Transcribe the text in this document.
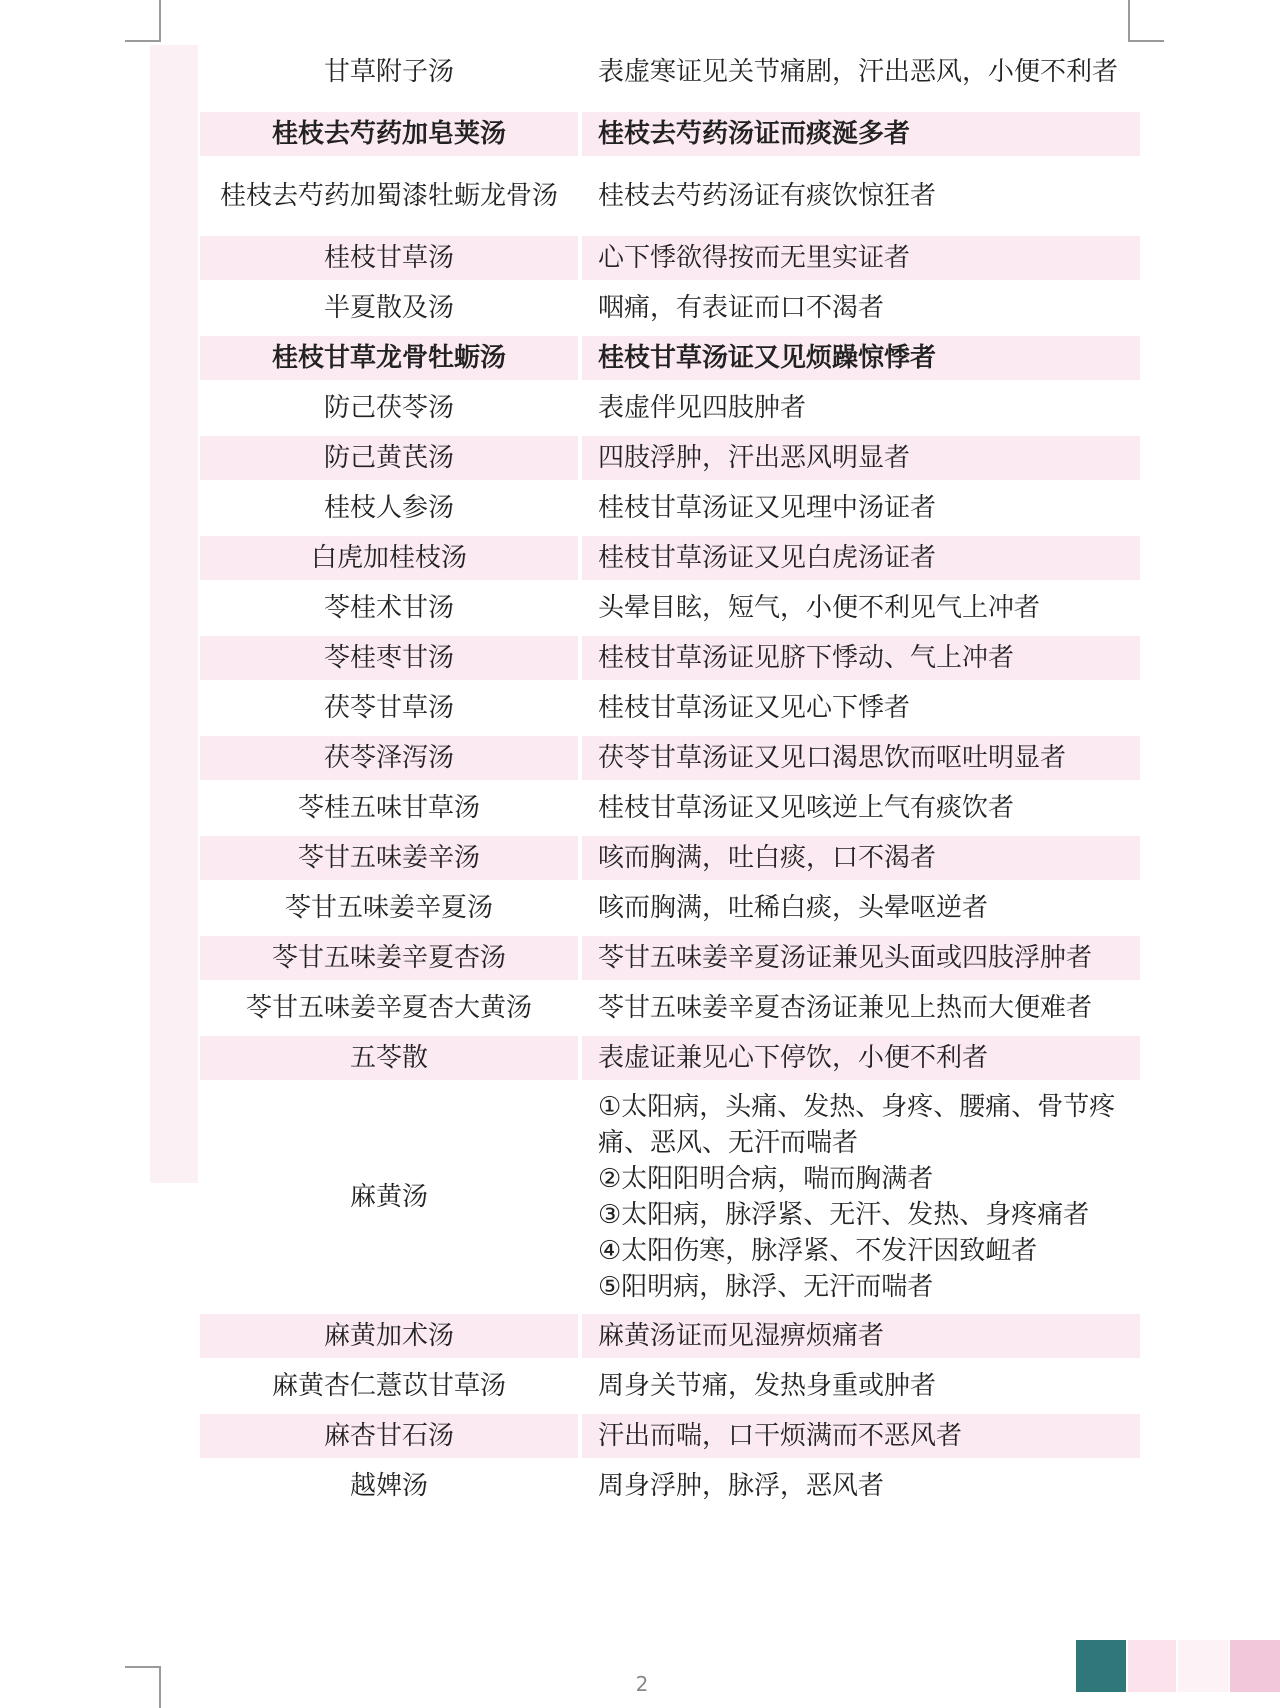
甘草附子汤	表虚寒证见关节痛剧，汗出恶风，小便不利者
桂枝去芍药加皂荚汤	桂枝去芍药汤证而痰涎多者
桂枝去芍药加蜀漆牡蛎龙骨汤	桂枝去芍药汤证有痰饮惊狂者
桂枝甘草汤	心下悸欲得按而无里实证者
半夏散及汤	咽痛，有表证而口不渴者
桂枝甘草龙骨牡蛎汤	桂枝甘草汤证又见烦躁惊悸者
防己茯苓汤	表虚伴见四肢肿者
防己黄芪汤	四肢浮肿，汗出恶风明显者
桂枝人参汤	桂枝甘草汤证又见理中汤证者
白虎加桂枝汤	桂枝甘草汤证又见白虎汤证者
苓桂术甘汤	头晕目眩，短气，小便不利见气上冲者
苓桂枣甘汤	桂枝甘草汤证见脐下悸动、气上冲者
茯苓甘草汤	桂枝甘草汤证又见心下悸者
茯苓泽泻汤	茯苓甘草汤证又见口渴思饮而呕吐明显者
苓桂五味甘草汤	桂枝甘草汤证又见咳逆上气有痰饮者
苓甘五味姜辛汤	咳而胸满，吐白痰，口不渴者
苓甘五味姜辛夏汤	咳而胸满，吐稀白痰，头晕呕逆者
苓甘五味姜辛夏杏汤	苓甘五味姜辛夏汤证兼见头面或四肢浮肿者
苓甘五味姜辛夏杏大黄汤	苓甘五味姜辛夏杏汤证兼见上热而大便难者
五苓散	表虚证兼见心下停饮，小便不利者
麻黄汤	①太阳病，头痛、发热、身疼、腰痛、骨节疼痛、恶风、无汗而喘者
②太阳阳明合病，喘而胸满者
③太阳病，脉浮紧、无汗、发热、身疼痛者
④太阳伤寒，脉浮紧、不发汗因致衄者
⑤阳明病，脉浮、无汗而喘者

麻黄加术汤	麻黄汤证而见湿痹烦痛者
麻黄杏仁薏苡甘草汤	周身关节痛，发热身重或肿者
麻杏甘石汤	汗出而喘，口干烦满而不恶风者
越婢汤	周身浮肿，脉浮，恶风者
2
